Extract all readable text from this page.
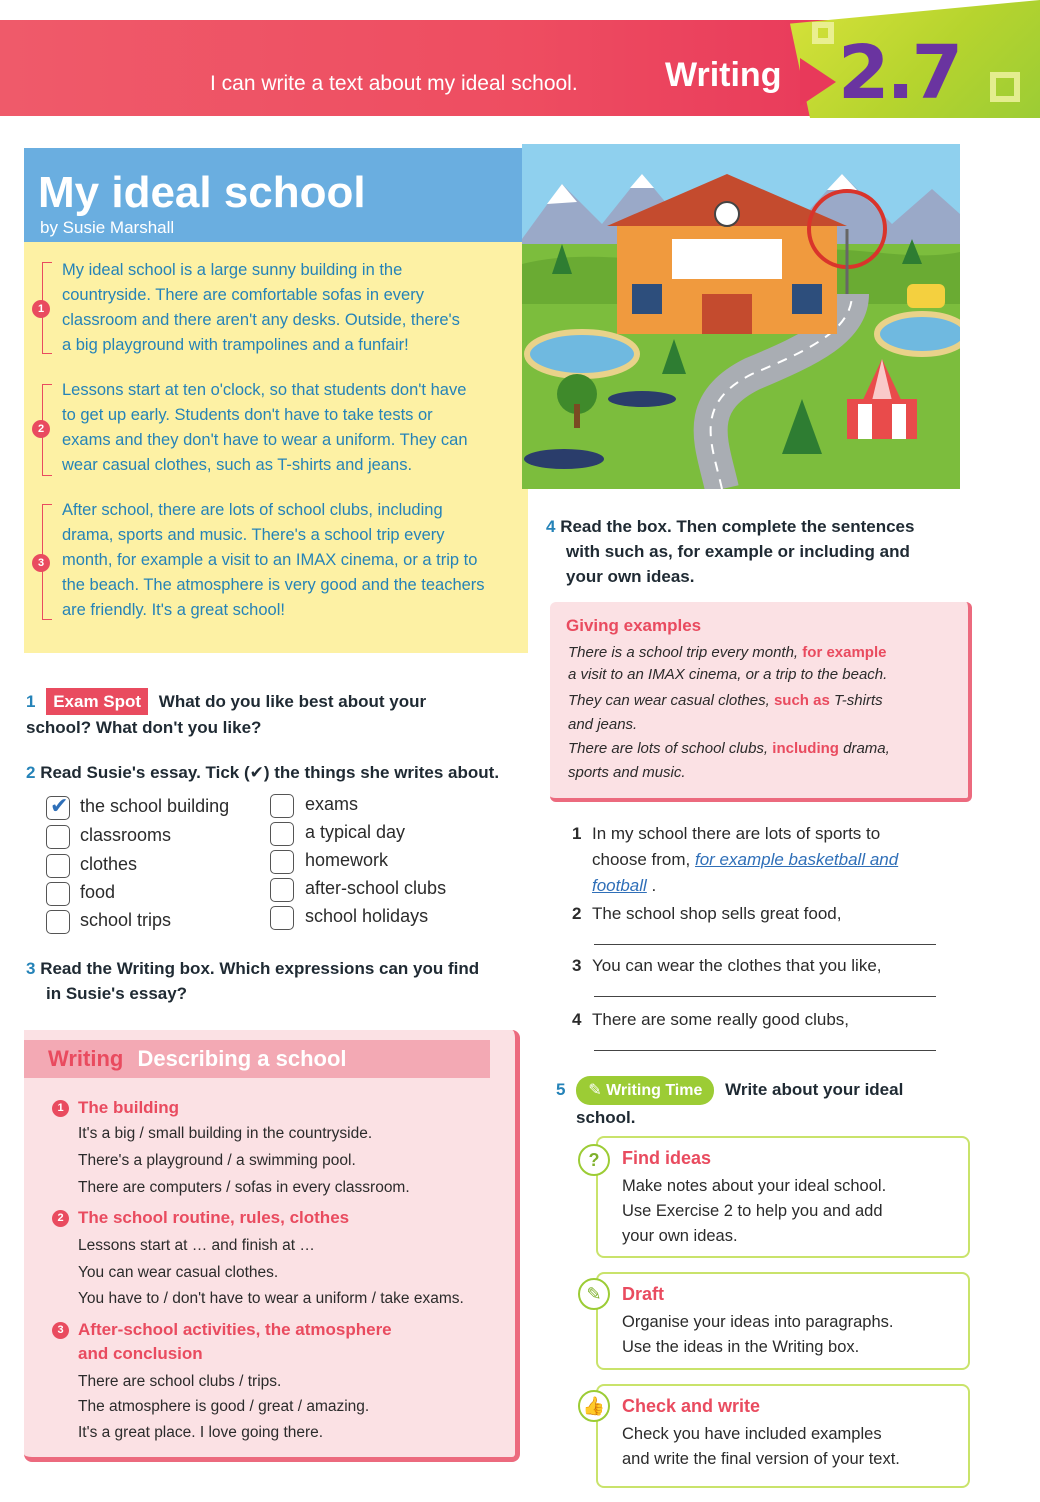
I can write a text about my ideal school.	Writing 2.7
My ideal school
by Susie Marshall
1
My ideal school is a large sunny building in the
countryside. There are comfortable sofas in every
classroom and there aren't any desks. Outside, there's
a big playground with trampolines and a funfair!
2
Lessons start at ten o'clock, so that students don't have
to get up early. Students don't have to take tests or
exams and they don't have to wear a uniform. They can
wear casual clothes, such as T-shirts and jeans.
3
After school, there are lots of school clubs, including
drama, sports and music. There's a school trip every
month, for example a visit to an IMAX cinema, or a trip to
the beach. The atmosphere is very good and the teachers
are friendly. It's a great school!
1 Exam Spot What do you like best about your
school? What don't you like?
2 Read Susie's essay. Tick (✔) the things she writes about.
✔ the school building
classrooms
clothes
food
school trips
exams
a typical day
homework
after-school clubs
school holidays
3 Read the Writing box. Which expressions can you find
in Susie's essay?
Writing Describing a school
1 The building
It's a big / small building in the countryside.
There's a playground / a swimming pool.
There are computers / sofas in every classroom.
2 The school routine, rules, clothes
Lessons start at … and finish at …
You can wear casual clothes.
You have to / don't have to wear a uniform / take exams.
3 After-school activities, the atmosphere
and conclusion
There are school clubs / trips.
The atmosphere is good / great / amazing.
It's a great place. I love going there.
4 Read the box. Then complete the sentences
with such as, for example or including and
your own ideas.
Giving examples
There is a school trip every month, for example
a visit to an IMAX cinema, or a trip to the beach.
They can wear casual clothes, such as T-shirts
and jeans.
There are lots of school clubs, including drama,
sports and music.
1 In my school there are lots of sports to
choose from, for example basketball and
football .
2 The school shop sells great food,
3 You can wear the clothes that you like,
4 There are some really good clubs,
5 ✎ Writing Time Write about your ideal
school.
?	Find ideas
Make notes about your ideal school.
Use Exercise 2 to help you and add
your own ideas.
✎	Draft
Organise your ideas into paragraphs.
Use the ideas in the Writing box.
👍 Check and write
Check you have included examples
and write the final version of your text.
